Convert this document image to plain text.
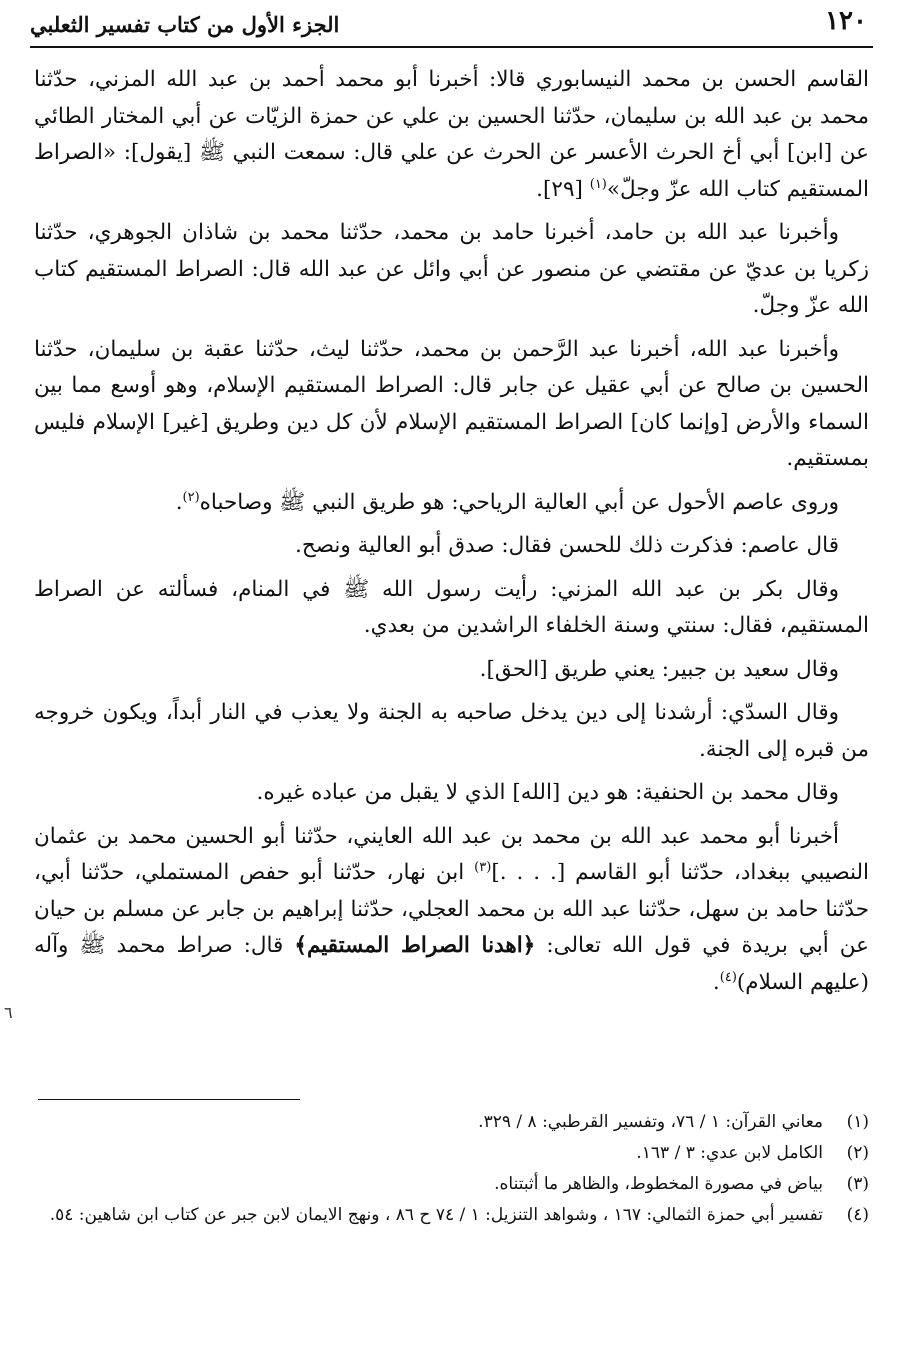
١٢٠
الجزء الأول من كتاب تفسير الثعلبي

القاسم الحسن بن محمد النيسابوري قالا: أخبرنا أبو محمد أحمد بن عبد الله المزني، حدّثنا محمد بن عبد الله بن سليمان، حدّثنا الحسين بن علي عن حمزة الزيّات عن أبي المختار الطائي عن [ابن] أبي أخ الحرث الأعسر عن الحرث عن علي قال: سمعت النبي ﷺ [يقول]: «الصراط المستقيم كتاب الله عزّ وجلّ»$^{(١)}$ [٢٩].

وأخبرنا عبد الله بن حامد، أخبرنا حامد بن محمد، حدّثنا محمد بن شاذان الجوهري، حدّثنا زكريا بن عديّ عن مقتضي عن منصور عن أبي وائل عن عبد الله قال: الصراط المستقيم كتاب الله عزّ وجلّ.

وأخبرنا عبد الله، أخبرنا عبد الرَّحمن بن محمد، حدّثنا ليث، حدّثنا عقبة بن سليمان، حدّثنا الحسين بن صالح عن أبي عقيل عن جابر قال: الصراط المستقيم الإسلام، وهو أوسع مما بين السماء والأرض [وإنما كان] الصراط المستقيم الإسلام لأن كل دين وطريق [غير] الإسلام فليس بمستقيم.

وروى عاصم الأحول عن أبي العالية الرياحي: هو طريق النبي ﷺ وصاحباه$^{(٢)}$.

قال عاصم: فذكرت ذلك للحسن فقال: صدق أبو العالية ونصح.

وقال بكر بن عبد الله المزني: رأيت رسول الله ﷺ في المنام، فسألته عن الصراط المستقيم، فقال: سنتي وسنة الخلفاء الراشدين من بعدي.

وقال سعيد بن جبير: يعني طريق [الحق].

وقال السدّي: أرشدنا إلى دين يدخل صاحبه به الجنة ولا يعذب في النار أبداً، ويكون خروجه من قبره إلى الجنة.

وقال محمد بن الحنفية: هو دين [الله] الذي لا يقبل من عباده غيره.

أخبرنا أبو محمد عبد الله بن محمد بن عبد الله العايني، حدّثنا أبو الحسين محمد بن عثمان النصيبي ببغداد، حدّثنا أبو القاسم [. . . .]$^{(٣)}$ ابن نهار، حدّثنا أبو حفص المستملي، حدّثنا أبي، حدّثنا حامد بن سهل، حدّثنا عبد الله بن محمد العجلي، حدّثنا إبراهيم بن جابر عن مسلم بن حيان عن أبي بريدة في قول الله تعالى: ﴿اهدنا الصراط المستقيم﴾ قال: صراط محمد ﷺ وآله (عليهم السلام)$^{(٤)}$.

٦
(١)
معاني القرآن: ١ / ٧٦، وتفسير القرطبي: ٨ / ٣٢٩.
(٢)
الكامل لابن عدي: ٣ / ١٦٣.
(٣)
بياض في مصورة المخطوط، والظاهر ما أثبتناه.
(٤)
تفسير أبي حمزة الثمالي: ١٦٧ ، وشواهد التنزيل: ١ / ٧٤ ح ٨٦ ، ونهج الايمان لابن جبر عن كتاب ابن شاهين: ٥٤.
